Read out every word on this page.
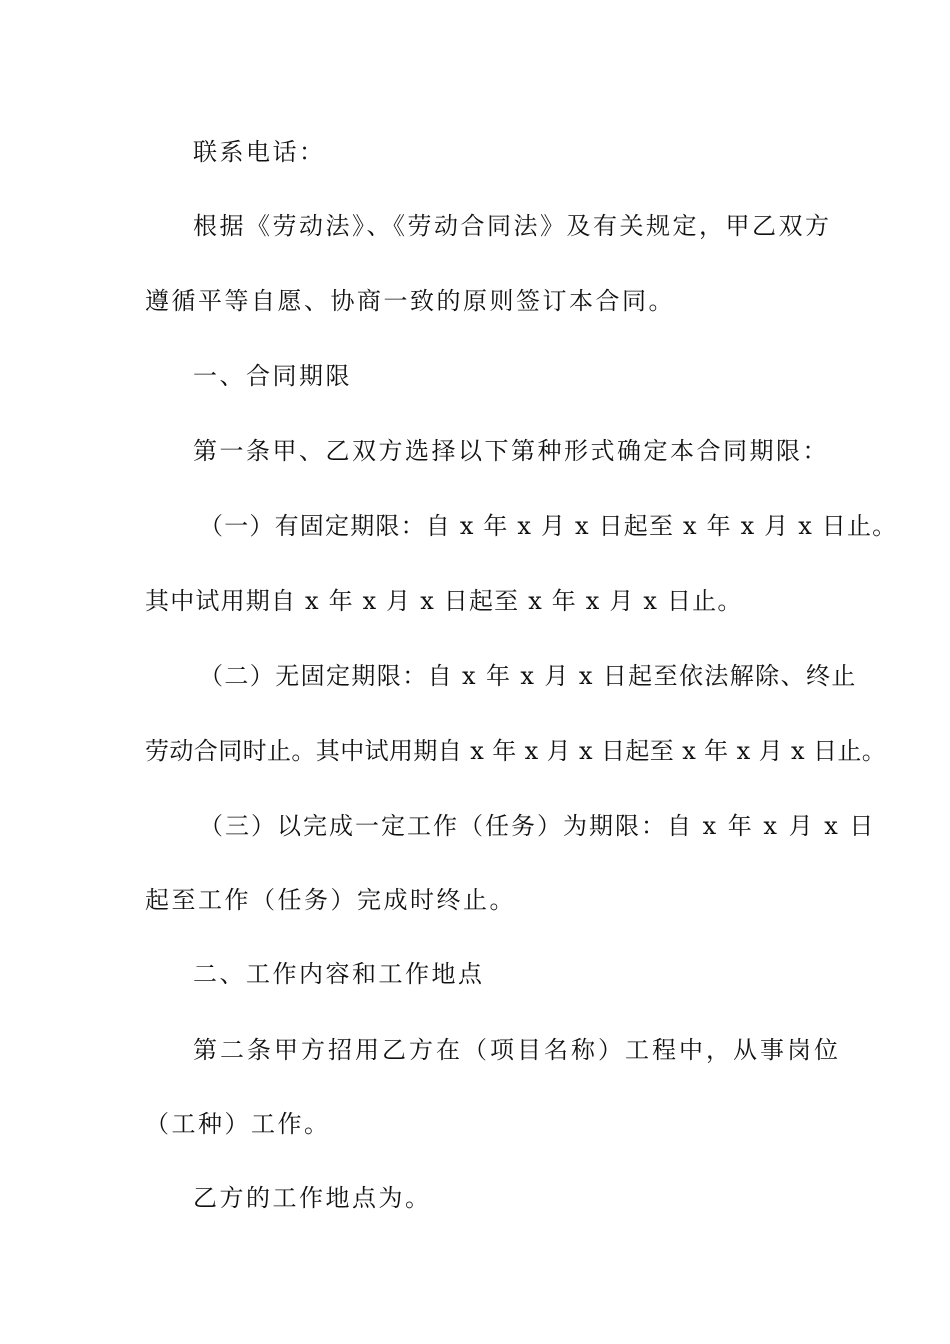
联系电话：
根据《劳动法》、《劳动合同法》及有关规定，甲乙双方
遵循平等自愿、协商一致的原则签订本合同。
一、合同期限
第一条甲、乙双方选择以下第种形式确定本合同期限：
（一）有固定期限：自 x 年 x 月 x 日起至 x 年 x 月 x 日止。
其中试用期自 x 年 x 月 x 日起至 x 年 x 月 x 日止。
（二）无固定期限：自 x 年 x 月 x 日起至依法解除、终止
劳动合同时止。其中试用期自 x 年 x 月 x 日起至 x 年 x 月 x 日止。
（三）以完成一定工作（任务）为期限：自 x 年 x 月 x 日
起至工作（任务）完成时终止。
二、工作内容和工作地点
第二条甲方招用乙方在（项目名称）工程中，从事岗位
（工种）工作。
乙方的工作地点为。
